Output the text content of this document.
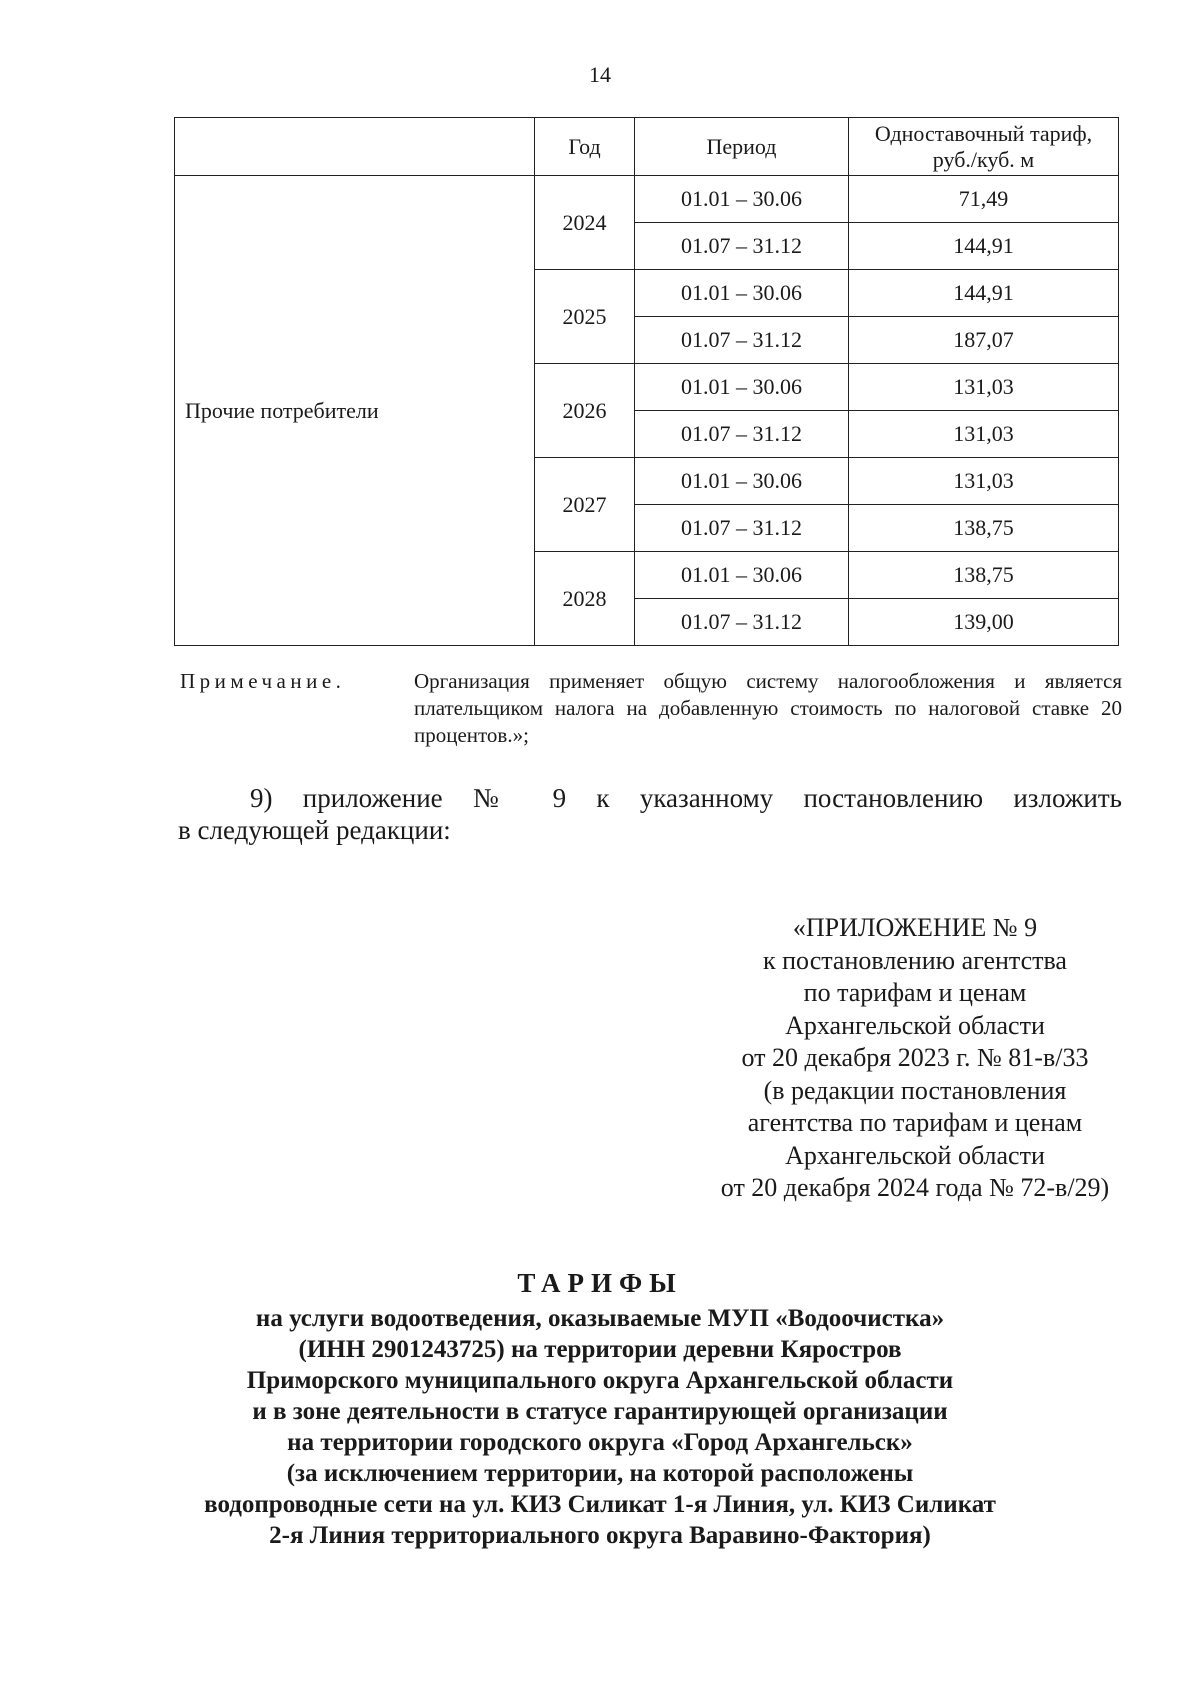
14
	Год	Период	Одноставочный тариф,
руб./куб. м

Прочие потребители	2024	01.01 – 30.06	71,49
		01.07 – 31.12	144,91
	2025	01.01 – 30.06	144,91
		01.07 – 31.12	187,07
	2026	01.01 – 30.06	131,03
		01.07 – 31.12	131,03
	2027	01.01 – 30.06	131,03
		01.07 – 31.12	138,75
	2028	01.01 – 30.06	138,75
		01.07 – 31.12	139,00
Примечание.	Организация применяет общую систему налогообложения и является плательщиком налога на добавленную стоимость по налоговой ставке 20 процентов.»;
9) приложение № 9 к указанному постановлению изложить
в следующей редакции:
«ПРИЛОЖЕНИЕ № 9
к постановлению агентства
по тарифам и ценам
Архангельской области
от 20 декабря 2023 г. № 81-в/33
(в редакции постановления
агентства по тарифам и ценам
Архангельской области
от 20 декабря 2024 года № 72-в/29)
ТАРИФЫ
на услуги водоотведения, оказываемые МУП «Водоочистка»
(ИНН 2901243725) на территории деревни Кяростров
Приморского муниципального округа Архангельской области
и в зоне деятельности в статусе гарантирующей организации
на территории городского округа «Город Архангельск»
(за исключением территории, на которой расположены
водопроводные сети на ул. КИЗ Силикат 1-я Линия, ул. КИЗ Силикат
2-я Линия территориального округа Варавино-Фактория)
